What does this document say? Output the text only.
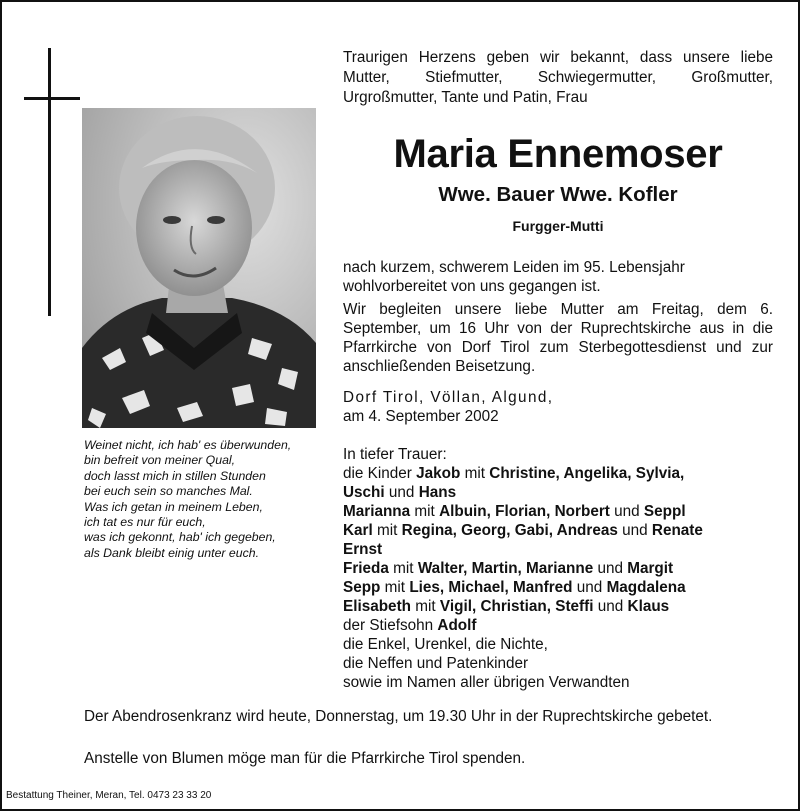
Weinet nicht, ich hab' es überwunden,
bin befreit von meiner Qual,
doch lasst mich in stillen Stunden
bei euch sein so manches Mal.
Was ich getan in meinem Leben,
ich tat es nur für euch,
was ich gekonnt, hab' ich gegeben,
als Dank bleibt einig unter euch.
Traurigen Herzens geben wir bekannt, dass unsere liebe Mutter, Stiefmutter, Schwiegermutter, Großmutter, Urgroßmutter, Tante und Patin, Frau
Maria Ennemoser
Wwe. Bauer Wwe. Kofler
Furgger-Mutti
nach kurzem, schwerem Leiden im 95. Lebensjahr wohlvorbereitet von uns gegangen ist.
Wir begleiten unsere liebe Mutter am Freitag, dem 6. September, um 16 Uhr von der Ruprechtskirche aus in die Pfarrkirche von Dorf Tirol zum Sterbegottesdienst und zur anschließenden Beisetzung.
Dorf Tirol, Völlan, Algund,
am 4. September 2002
In tiefer Trauer:
die Kinder Jakob mit Christine, Angelika, Sylvia,
Uschi und Hans
Marianna mit Albuin, Florian, Norbert und Seppl
Karl mit Regina, Georg, Gabi, Andreas und Renate
Ernst
Frieda mit Walter, Martin, Marianne und Margit
Sepp mit Lies, Michael, Manfred und Magdalena
Elisabeth mit Vigil, Christian, Steffi und Klaus
der Stiefsohn Adolf
die Enkel, Urenkel, die Nichte,
die Neffen und Patenkinder
sowie im Namen aller übrigen Verwandten
Der Abendrosenkranz wird heute, Donnerstag, um 19.30 Uhr in der Ruprechtskirche gebetet.
Anstelle von Blumen möge man für die Pfarrkirche Tirol spenden.
Bestattung Theiner, Meran, Tel. 0473 23 33 20
